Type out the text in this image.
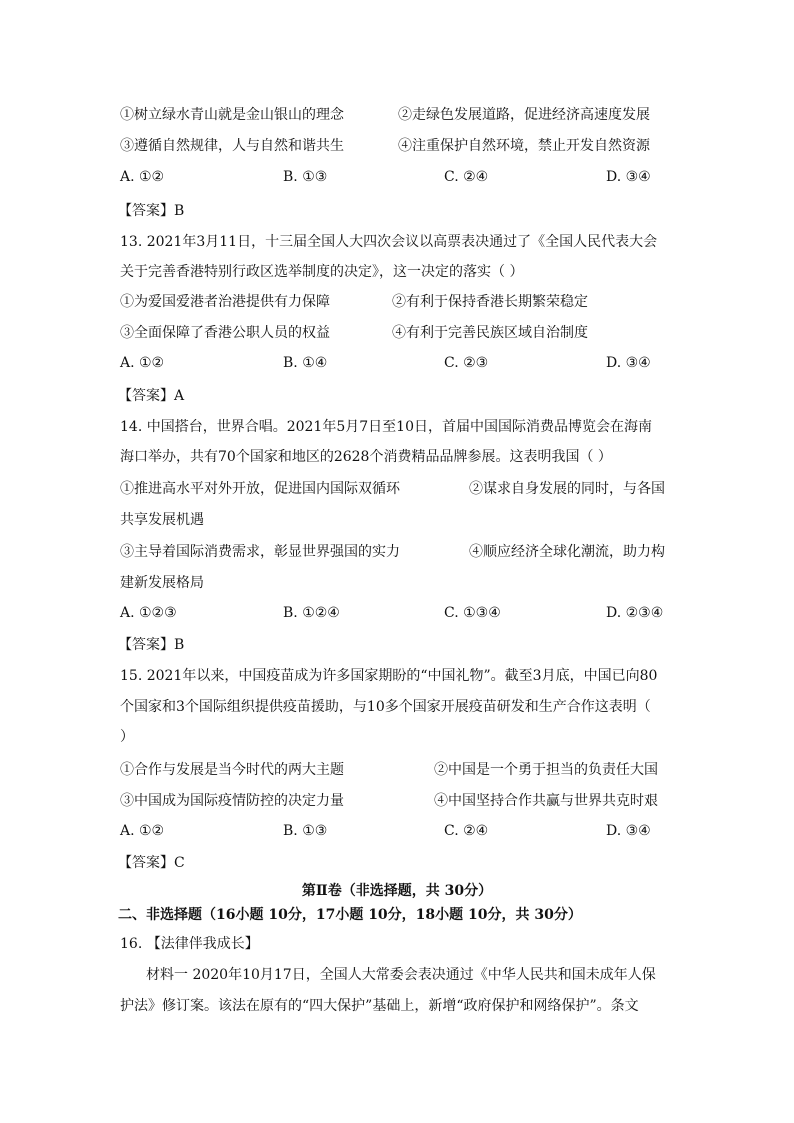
①树立绿水青山就是金山银山的理念	②走绿色发展道路，促进经济高速度发展
③遵循自然规律，人与自然和谐共生	④注重保护自然环境，禁止开发自然资源
A. ①②	B. ①③	C. ②④	D. ③④
【答案】B
13. 2021年3月11日，十三届全国人大四次会议以高票表决通过了《全国人民代表大会
关于完善香港特别行政区选举制度的决定》，这一决定的落实（ ）
①为爱国爱港者治港提供有力保障	②有利于保持香港长期繁荣稳定
③全面保障了香港公职人员的权益	④有利于完善民族区域自治制度
A. ①②	B. ①④	C. ②③	D. ③④
【答案】A
14. 中国搭台，世界合唱。2021年5月7日至10日，首届中国国际消费品博览会在海南
海口举办，共有70个国家和地区的2628个消费精品品牌参展。这表明我国（ ）
①推进高水平对外开放，促进国内国际双循环	②谋求自身发展的同时，与各国
共享发展机遇
③主导着国际消费需求，彰显世界强国的实力	④顺应经济全球化潮流，助力构
建新发展格局
A. ①②③	B. ①②④	C. ①③④	D. ②③④
【答案】B
15. 2021年以来，中国疫苗成为许多国家期盼的“中国礼物”。截至3月底，中国已向80
个国家和3个国际组织提供疫苗援助，与10多个国家开展疫苗研发和生产合作这表明（
）
①合作与发展是当今时代的两大主题	②中国是一个勇于担当的负责任大国
③中国成为国际疫情防控的决定力量	④中国坚持合作共赢与世界共克时艰
A. ①②	B. ①③	C. ②④	D. ③④
【答案】C
第Ⅱ卷（非选择题，共 30分）
二、非选择题（16小题 10分，17小题 10分，18小题 10分，共 30分）
16. 【法律伴我成长】
材料一 2020年10月17日，全国人大常委会表决通过《中华人民共和国未成年人保
护法》修订案。该法在原有的“四大保护”基础上，新增“政府保护和网络保护”。条文
